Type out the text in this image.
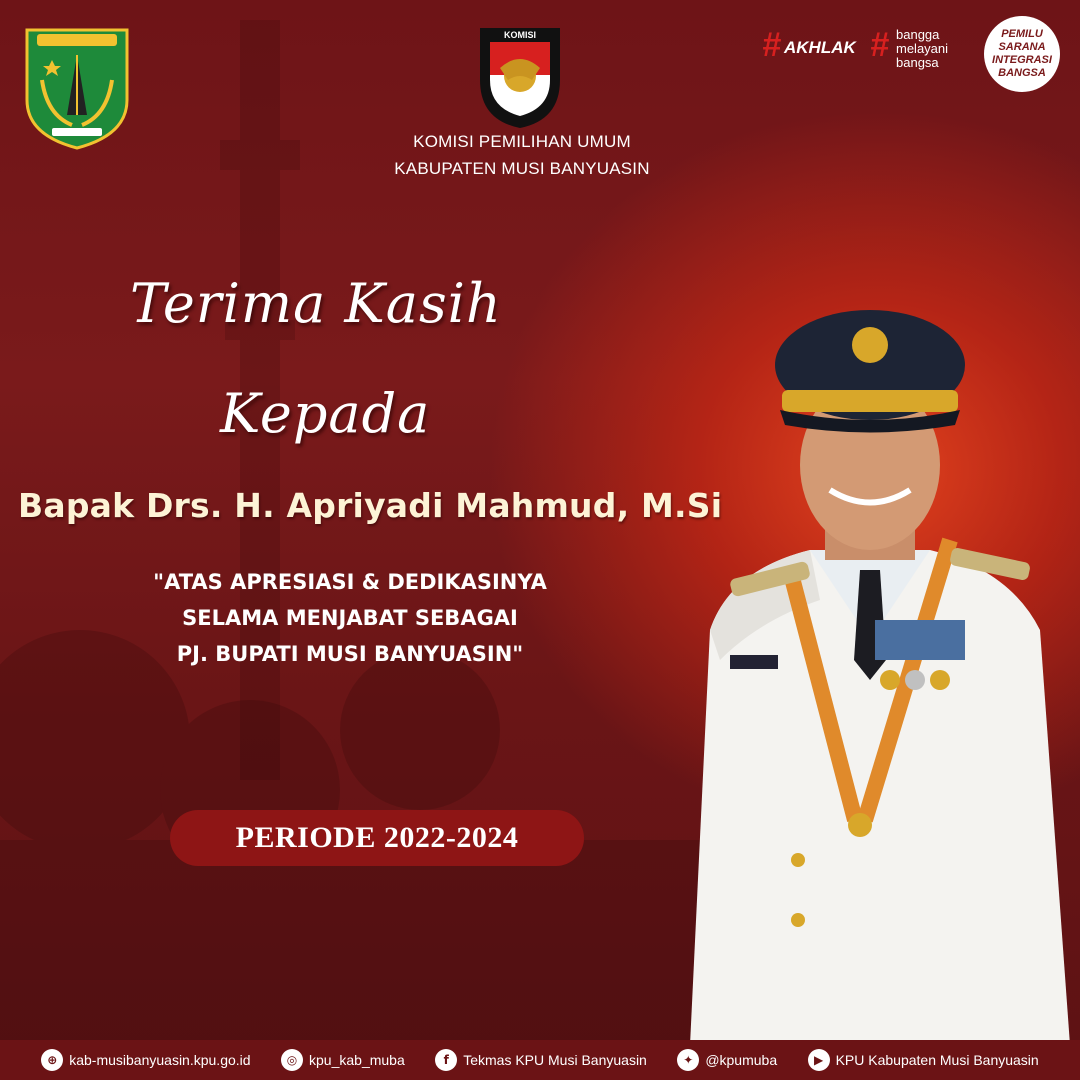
KOMISI
KOMISI PEMILIHAN UMUM
KABUPATEN MUSI BANYUASIN
# AKHLAK # bangga
melayani
bangsa
PEMILU
SARANA
INTEGRASI
BANGSA
Terima Kasih
Kepada
Bapak Drs. H. Apriyadi Mahmud, M.Si
"ATAS APRESIASI & DEDIKASINYA
SELAMA MENJABAT SEBAGAI
PJ. BUPATI MUSI BANYUASIN"
PERIODE 2022-2024
⊕ kab-musibanyuasin.kpu.go.id	◎ kpu_kab_muba	f	Tekmas KPU Musi Banyuasin	✦ @kpumuba	▶ KPU Kabupaten Musi Banyuasin
